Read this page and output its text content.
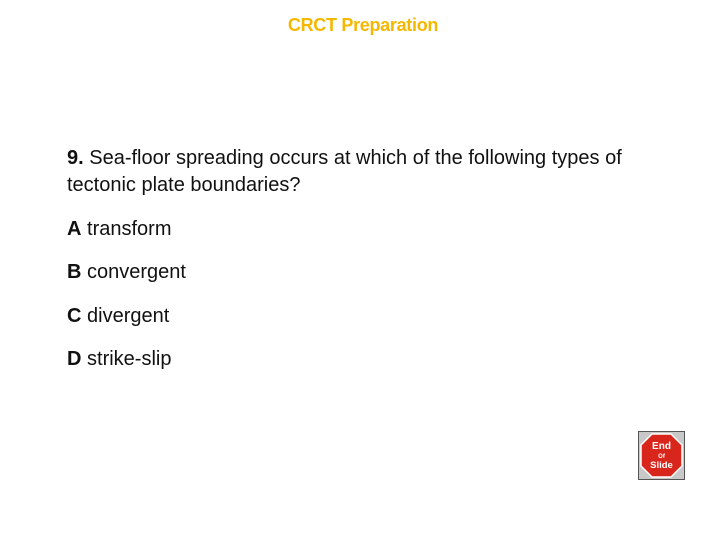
CRCT Preparation
9. Sea-floor spreading occurs at which of the following types of tectonic plate boundaries?
A transform
B convergent
C divergent
D strike-slip
End
Of
Slide
